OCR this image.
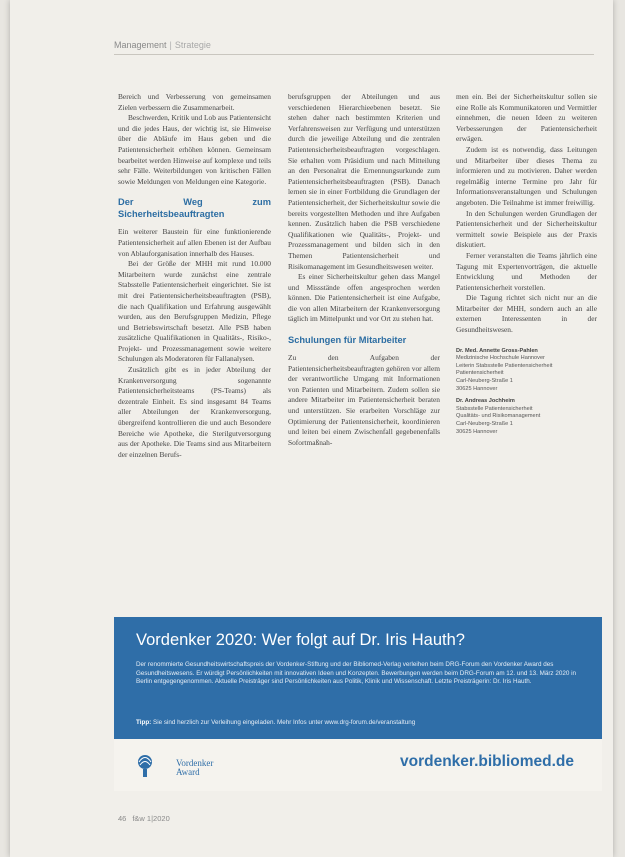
Management | Strategie

Bereich und Verbesserung von gemeinsamen Zielen verbessern die Zusammenarbeit.

Beschwerden, Kritik und Lob aus Patientensicht und die jedes Haus, der wichtig ist, sie Hinweise über die Abläufe im Haus geben und die Patientensicherheit erhöhen können. Gemeinsam bearbeitet werden Hinweise auf komplexe und teils sehr Fälle. Weiterbildungen von kritischen Fällen sowie Meldungen von Meldungen eine Kategorie.

Der Weg zum Sicherheitsbeauftragten

Ein weiterer Baustein für eine funktionierende Patientensicherheit auf allen Ebenen ist der Aufbau von Ablauforganisation innerhalb des Hauses.

Bei der Größe der MHH mit rund 10.000 Mitarbeitern wurde zunächst eine zentrale Stabsstelle Patientensicherheit eingerichtet. Sie ist mit drei Patientensicherheitsbeauftragten (PSB), die nach Qualifikation und Erfahrung ausgewählt wurden, aus den Berufsgruppen Medizin, Pflege und Betriebswirtschaft besetzt. Alle PSB haben zusätzliche Qualifikationen in Qualitäts-, Risiko-, Projekt- und Prozessmanagement sowie weitere Schulungen als Moderatoren für Fallanalysen.

Zusätzlich gibt es in jeder Abteilung der Krankenversorgung sogenannte Patientensicherheitsteams (PS-Teams) als dezentrale Einheit. Es sind insgesamt 84 Teams aller Abteilungen der Krankenversorgung, übergreifend kontrollieren die und auch Besondere Bereiche wie Apotheke, die Sterilgutversorgung aus der Apotheke. Die Teams sind aus Mitarbeitern der einzelnen Berufs-

berufsgruppen der Abteilungen und aus verschiedenen Hierarchieebenen besetzt. Sie stehen daher nach bestimmten Kriterien und Verfahrensweisen zur Verfügung und unterstützen durch die jeweilige Abteilung und die zentralen Patientensicherheitsbeauftragten vorgeschlagen. Sie erhalten vom Präsidium und nach Mitteilung an den Personalrat die Ernennungsurkunde zum Patientensicherheitsbeauftragten (PSB). Danach lernen sie in einer Fortbildung die Grundlagen der Patientensicherheit, der Sicherheitskultur sowie die bereits vorgestellten Methoden und ihre Aufgaben kennen. Zusätzlich haben die PSB verschiedene Qualifikationen wie Qualitäts-, Projekt- und Prozessmanagement und bilden sich in den Themen Patientensicherheit und Risikomanagement im Gesundheitswesen weiter.

Es einer Sicherheitskultur gehen dass Mangel und Missstände offen angesprochen werden können. Die Patientensicherheit ist eine Aufgabe, die von allen Mitarbeitern der Krankenversorgung täglich im Mittelpunkt und vor Ort zu stehen hat.

Schulungen für Mitarbeiter

Zu den Aufgaben der Patientensicherheitsbeauftragten gehören vor allem der verantwortliche Umgang mit Informationen von Patienten und Mitarbeitern. Zudem sollen sie andere Mitarbeiter im Patientensicherheit beraten und unterstützen. Sie erarbeiten Vorschläge zur Optimierung der Patientensicherheit, koordinieren und leiten bei einem Zwischenfall gegebenenfalls Sofortmaßnah-

men ein. Bei der Sicherheitskultur sollen sie eine Rolle als Kommunikatoren und Vermittler einnehmen, die neuen Ideen zu weiteren Verbesserungen der Patientensicherheit erwägen.

Zudem ist es notwendig, dass Leitungen und Mitarbeiter über dieses Thema zu informieren und zu motivieren. Daher werden regelmäßig interne Termine pro Jahr für Informationsveranstaltungen und Schulungen angeboten. Die Teilnahme ist immer freiwillig.

In den Schulungen werden Grundlagen der Patientensicherheit und der Sicherheitskultur vermittelt sowie Beispiele aus der Praxis diskutiert.

Ferner veranstalten die Teams jährlich eine Tagung mit Expertenvorträgen, die aktuelle Entwicklung und Methoden der Patientensicherheit vorstellen.

Die Tagung richtet sich nicht nur an die Mitarbeiter der MHH, sondern auch an alle externen Interessenten in der Gesundheitswesen.

Dr. Med. Annette Gross-Pahlen
Medizinische Hochschule Hannover
Leiterin Stabsstelle Patientensicherheit
Patientensicherheit
Carl-Neuberg-Straße 1
30625 Hannover
Dr. Andreas Jochheim
Stabsstelle Patientensicherheit
Qualitäts- und Risikomanagement
Carl-Neuberg-Straße 1
30625 Hannover
Vordenker 2020: Wer folgt auf Dr. Iris Hauth?
Der renommierte Gesundheitswirtschaftspreis der Vordenker-Stiftung und der Bibliomed-Verlag verleihen beim DRG-Forum den Vordenker Award des Gesundheitswesens. Er würdigt Persönlichkeiten mit innovativen Ideen und Konzepten. Bewerbungen werden beim DRG-Forum am 12. und 13. März 2020 in Berlin entgegengenommen. Aktuelle Preisträger sind Persönlichkeiten aus Politik, Klinik und Wissenschaft. Letzte Preisträgerin: Dr. Iris Hauth.
Tipp: Sie sind herzlich zur Verleihung eingeladen. Mehr Infos unter www.drg-forum.de/veranstaltung
Vordenker
Award
vordenker.bibliomed.de
46 f&w 1|2020
